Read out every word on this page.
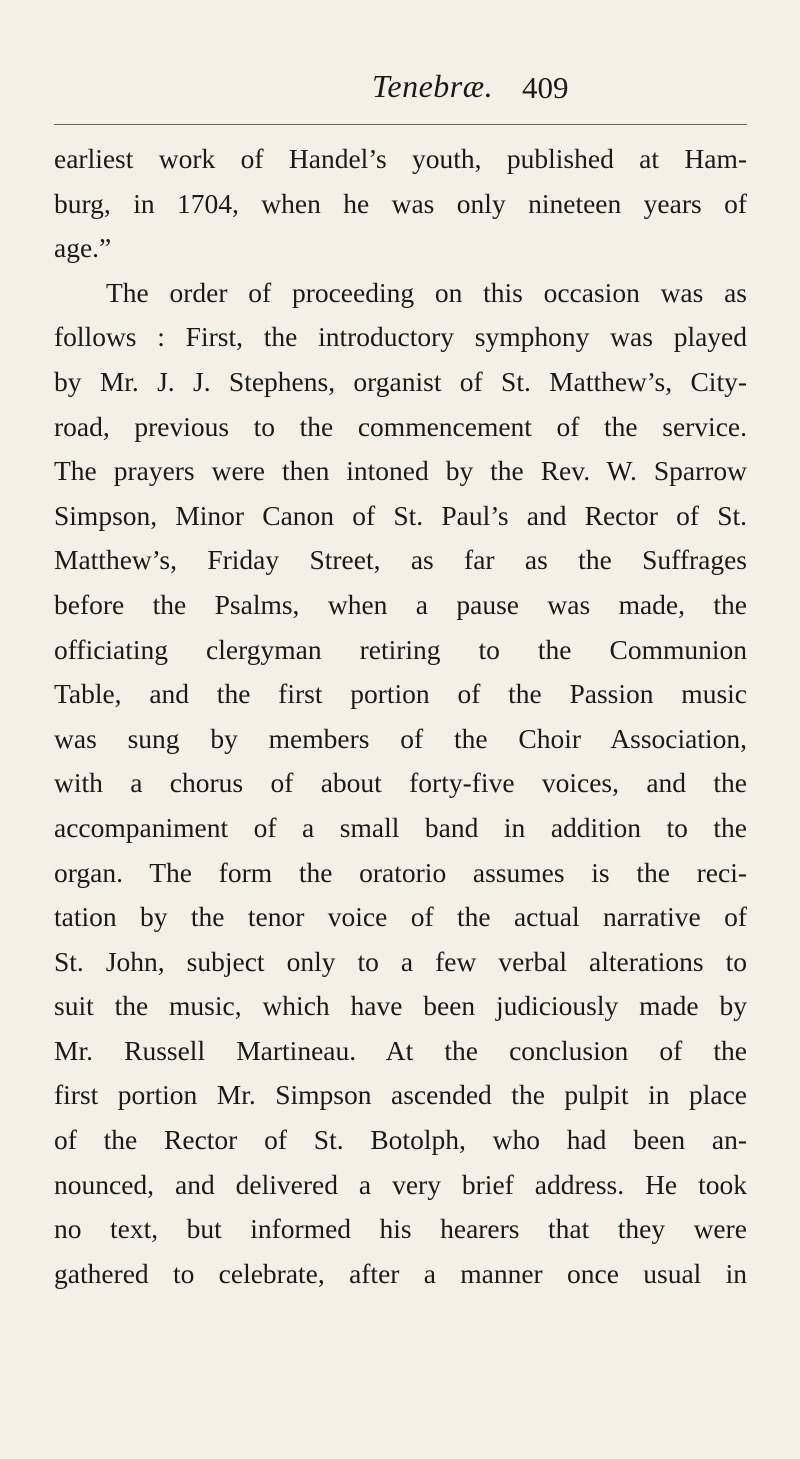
Tenebræ. 409
earliest work of Handel’s youth, published at Ham-
burg, in 1704, when he was only nineteen years of
age.”
The order of proceeding on this occasion was as
follows : First, the introductory symphony was played
by Mr. J. J. Stephens, organist of St. Matthew’s, City-
road, previous to the commencement of the service.
The prayers were then intoned by the Rev. W. Sparrow
Simpson, Minor Canon of St. Paul’s and Rector of St.
Matthew’s, Friday Street, as far as the Suffrages
before the Psalms, when a pause was made, the
officiating clergyman retiring to the Communion
Table, and the first portion of the Passion music
was sung by members of the Choir Association,
with a chorus of about forty-five voices, and the
accompaniment of a small band in addition to the
organ. The form the oratorio assumes is the reci-
tation by the tenor voice of the actual narrative of
St. John, subject only to a few verbal alterations to
suit the music, which have been judiciously made by
Mr. Russell Martineau. At the conclusion of the
first portion Mr. Simpson ascended the pulpit in place
of the Rector of St. Botolph, who had been an-
nounced, and delivered a very brief address. He took
no text, but informed his hearers that they were
gathered to celebrate, after a manner once usual in
